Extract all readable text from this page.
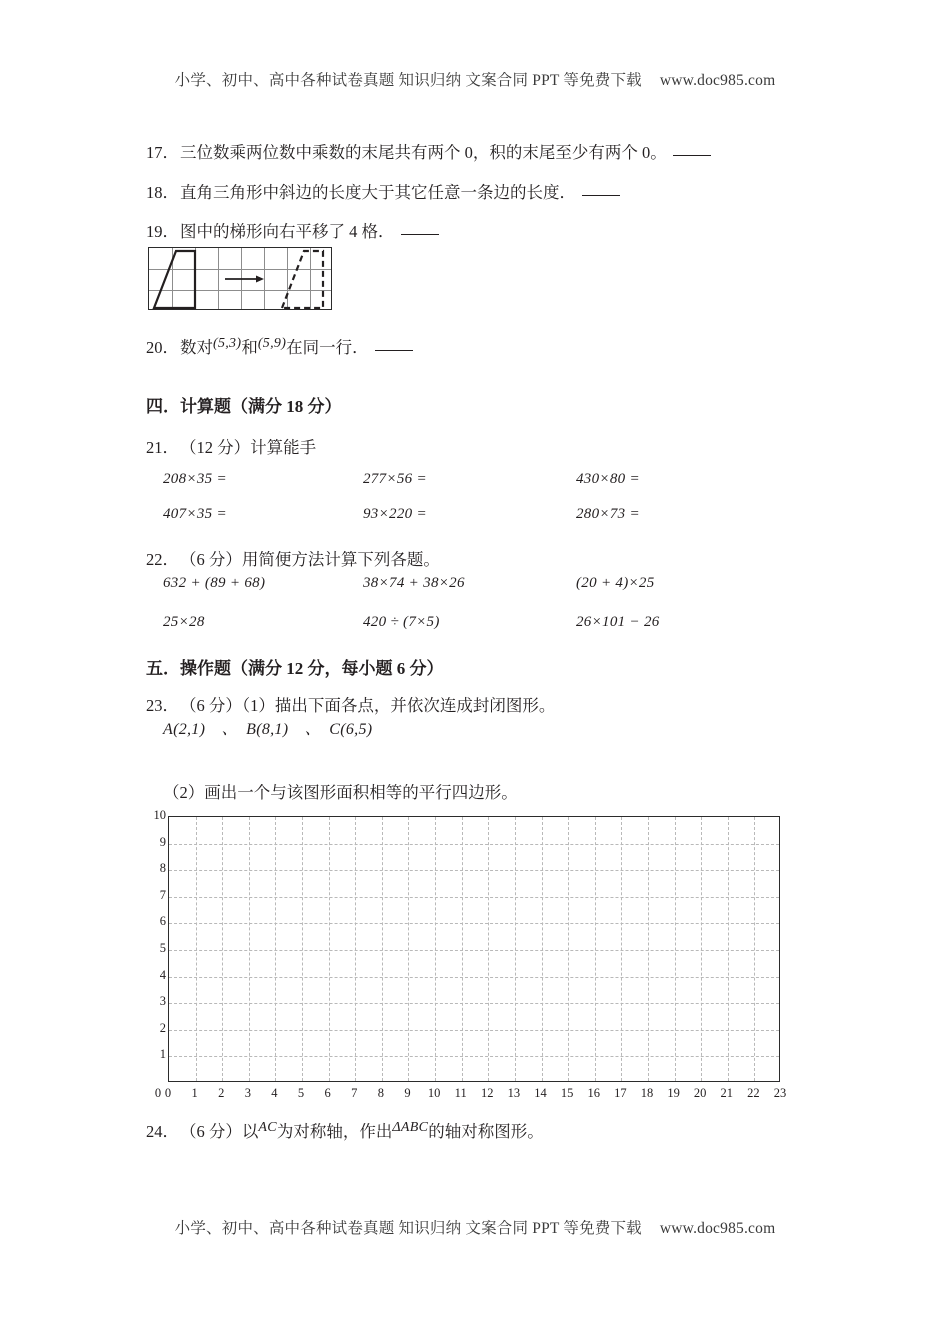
小学、初中、高中各种试卷真题 知识归纳 文案合同 PPT 等免费下载 www.doc985.com
17．三位数乘两位数中乘数的末尾共有两个 0，积的末尾至少有两个 0。
18．直角三角形中斜边的长度大于其它任意一条边的长度．
19．图中的梯形向右平移了 4 格．
20．数对$^{(5,3)}$和$^{(5,9)}$在同一行．
四．计算题（满分 18 分）
21．（12 分）计算能手
208×35 =	277×56 =	430×80 =
407×35 =	93×220 =	280×73 =
22．（6 分）用简便方法计算下列各题。
632 + (89 + 68)	38×74 + 38×26	(20 + 4)×25
25×28	420 ÷ (7×5)	26×101 − 26
五．操作题（满分 12 分，每小题 6 分）
23．（6 分）（1）描出下面各点，并依次连成封闭图形。
A(2,1)　、　B(8,1)　、　C(6,5)
（2）画出一个与该图形面积相等的平行四边形。
0
1
2
3
4
5
6
7
8
9
10
0	1	2	3	4	5	6	7	8	9	10	11	12	13	14	15	16	17	18	19	20	21	22	23
24．（6 分）以$^{AC}$为对称轴，作出$^{\Delta ABC}$的轴对称图形。
小学、初中、高中各种试卷真题 知识归纳 文案合同 PPT 等免费下载 www.doc985.com
